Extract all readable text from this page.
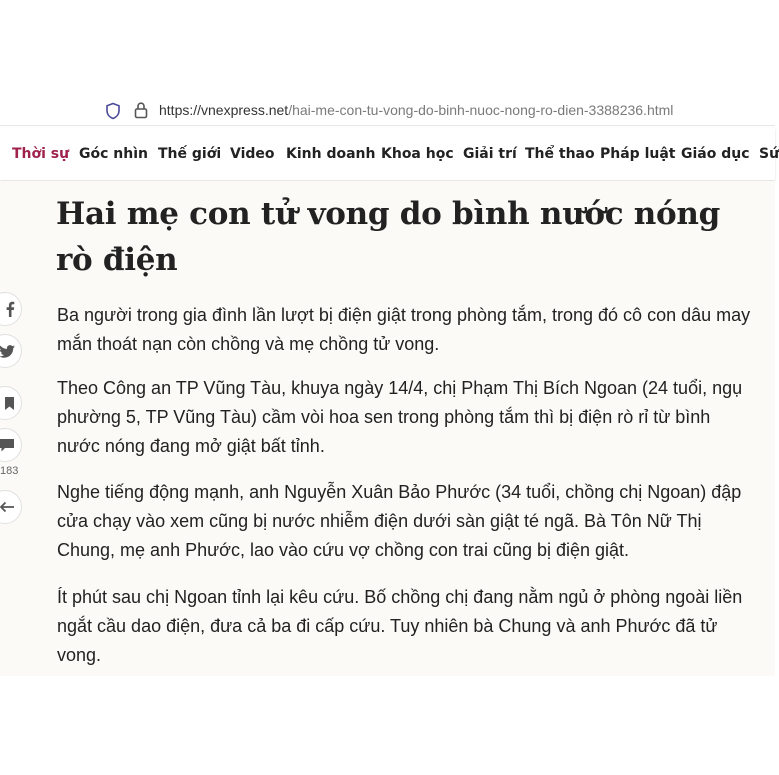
https://vnexpress.net/hai-me-con-tu-vong-do-binh-nuoc-nong-ro-dien-3388236.html
Thời sự Góc nhìn Thế giới Video Kinh doanh Khoa học Giải trí Thể thao Pháp luật Giáo dục Sứ
Hai mẹ con tử vong do bình nước nóng rò điện

Ba người trong gia đình lần lượt bị điện giật trong phòng tắm, trong đó cô con dâu may mắn thoát nạn còn chồng và mẹ chồng tử vong.

Theo Công an TP Vũng Tàu, khuya ngày 14/4, chị Phạm Thị Bích Ngoan (24 tuổi, ngụ phường 5, TP Vũng Tàu) cầm vòi hoa sen trong phòng tắm thì bị điện rò rỉ từ bình nước nóng đang mở giật bất tỉnh.

Nghe tiếng động mạnh, anh Nguyễn Xuân Bảo Phước (34 tuổi, chồng chị Ngoan) đập cửa chạy vào xem cũng bị nước nhiễm điện dưới sàn giật té ngã. Bà Tôn Nữ Thị Chung, mẹ anh Phước, lao vào cứu vợ chồng con trai cũng bị điện giật.

Ít phút sau chị Ngoan tỉnh lại kêu cứu. Bố chồng chị đang nằm ngủ ở phòng ngoài liền ngắt cầu dao điện, đưa cả ba đi cấp cứu. Tuy nhiên bà Chung và anh Phước đã tử vong.

183
